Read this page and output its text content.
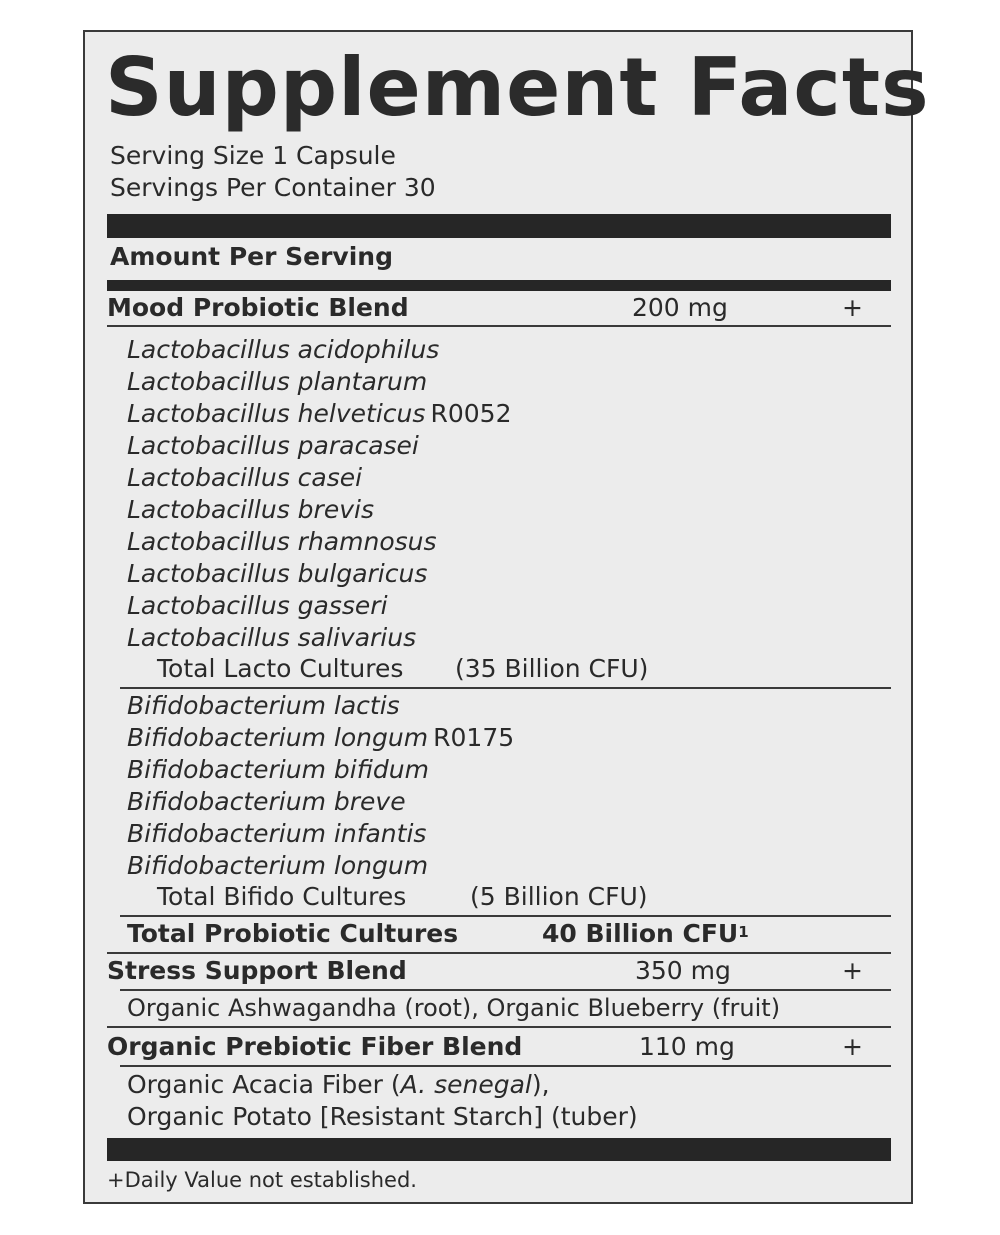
Supplement Facts
Serving Size 1 Capsule
Servings Per Container 30
Amount Per Serving
Mood Probiotic Blend	200 mg	+
Lactobacillus acidophilus
Lactobacillus plantarum
Lactobacillus helveticus R0052
Lactobacillus paracasei
Lactobacillus casei
Lactobacillus brevis
Lactobacillus rhamnosus
Lactobacillus bulgaricus
Lactobacillus gasseri
Lactobacillus salivarius
Total Lacto Cultures (35 Billion CFU)
Bifidobacterium lactis
Bifidobacterium longum R0175
Bifidobacterium bifidum
Bifidobacterium breve
Bifidobacterium infantis
Bifidobacterium longum
Total Bifido Cultures	(5 Billion CFU)
Total Probiotic Cultures	40 Billion CFU$^1$
Stress Support Blend	350 mg	+
Organic Ashwagandha (root), Organic Blueberry (fruit)
Organic Prebiotic Fiber Blend	110 mg	+
Organic Acacia Fiber (A. senegal),
Organic Potato [Resistant Starch] (tuber)
+Daily Value not established.
